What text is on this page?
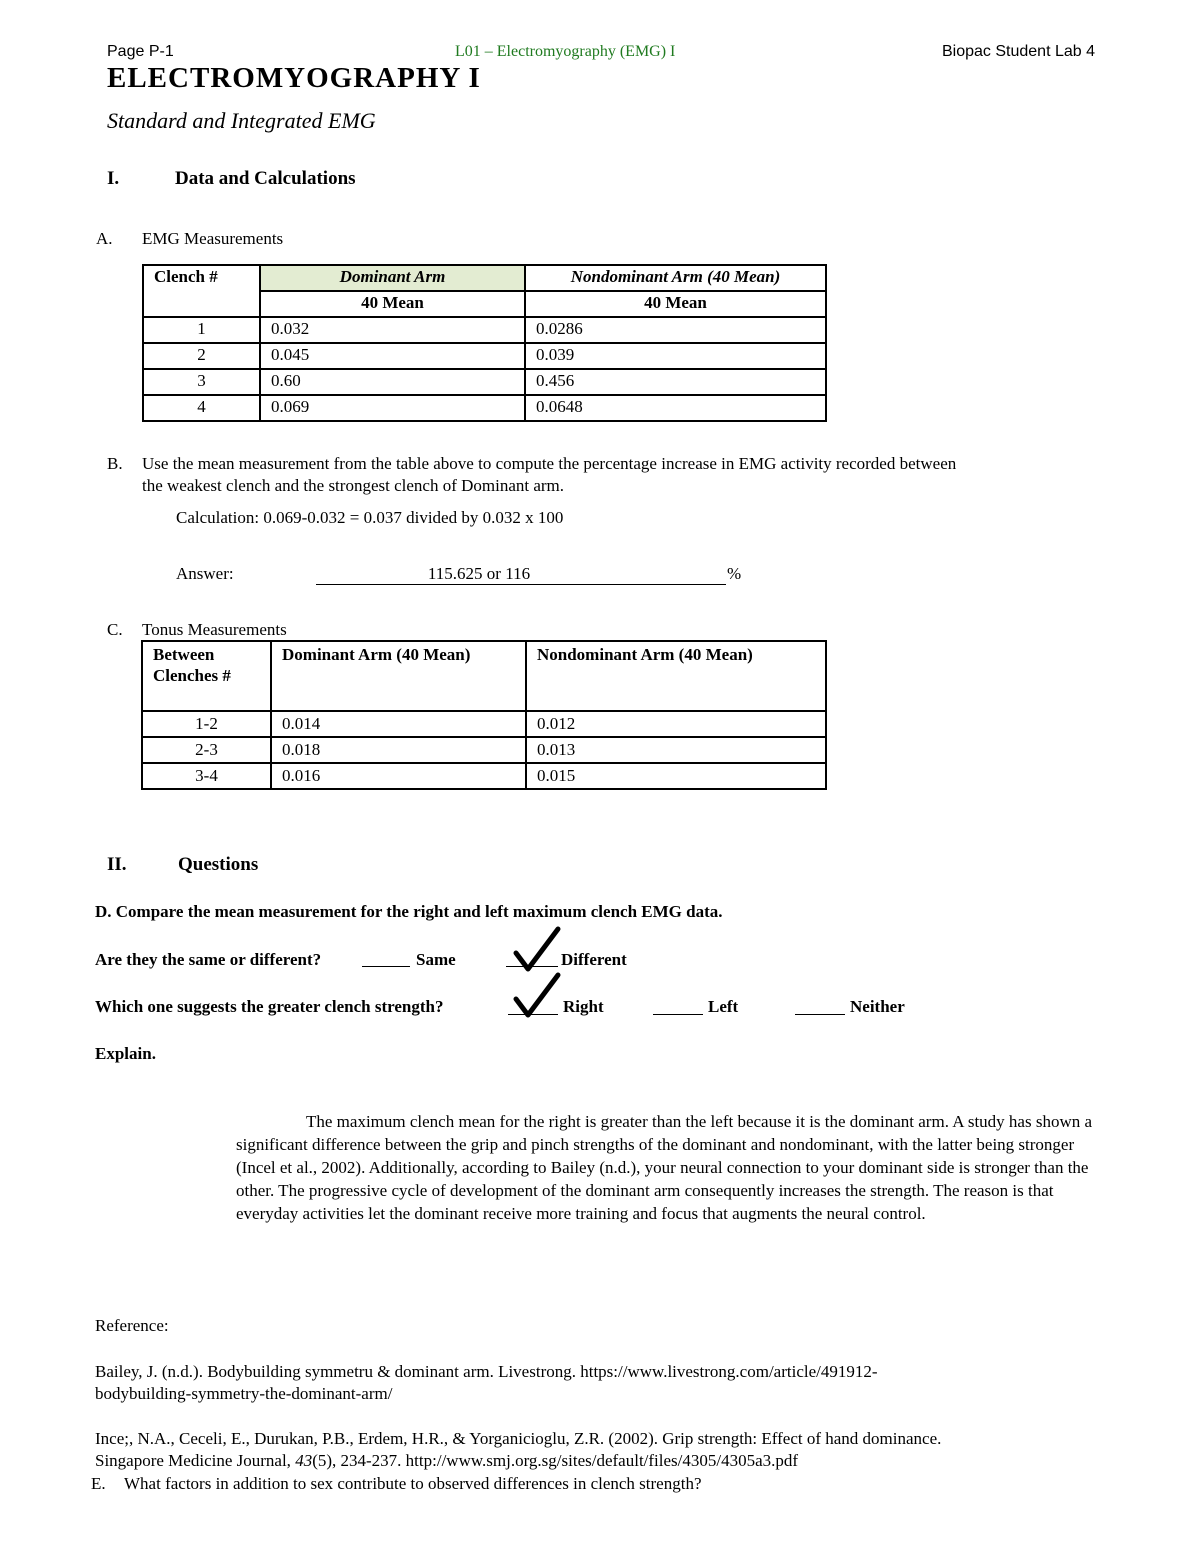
Page P-1	L01 – Electromyography (EMG) I	Biopac Student Lab 4
ELECTROMYOGRAPHY I
Standard and Integrated EMG
I.	Data and Calculations
A. EMG Measurements
Clench #	Dominant Arm	Nondominant Arm (40 Mean)
	40 Mean	40 Mean
1	0.032	0.0286
2	0.045	0.039
3	0.60	0.456
4	0.069	0.0648
B. Use the mean measurement from the table above to compute the percentage increase in EMG activity recorded between
the weakest clench and the strongest clench of Dominant arm.
Calculation: 0.069-0.032 = 0.037 divided by 0.032 x 100
Answer:	115.625 or 116	%
C. Tonus Measurements
Between Clenches #	Dominant Arm (40 Mean)	Nondominant Arm (40 Mean)
1-2	0.014	0.012
2-3	0.018	0.013
3-4	0.016	0.015
II.	Questions
D. Compare the mean measurement for the right and left maximum clench EMG data.
Are they the same or different?	Same	Different
Which one suggests the greater clench strength?	Right	Left	Neither
Explain.
The maximum clench mean for the right is greater than the left because it is the dominant arm. A study has shown a significant difference between the grip and pinch strengths of the dominant and nondominant, with the latter being stronger (Incel et al., 2002). Additionally, according to Bailey (n.d.), your neural connection to your dominant side is stronger than the other. The progressive cycle of development of the dominant arm consequently increases the strength. The reason is that everyday activities let the dominant receive more training and focus that augments the neural control.
Reference:
Bailey, J. (n.d.). Bodybuilding symmetru & dominant arm. Livestrong. https://www.livestrong.com/article/491912-
bodybuilding-symmetry-the-dominant-arm/
Ince;, N.A., Ceceli, E., Durukan, P.B., Erdem, H.R., & Yorganicioglu, Z.R. (2002). Grip strength: Effect of hand dominance.
Singapore Medicine Journal, 43(5), 234-237. http://www.smj.org.sg/sites/default/files/4305/4305a3.pdf
E. What factors in addition to sex contribute to observed differences in clench strength?
